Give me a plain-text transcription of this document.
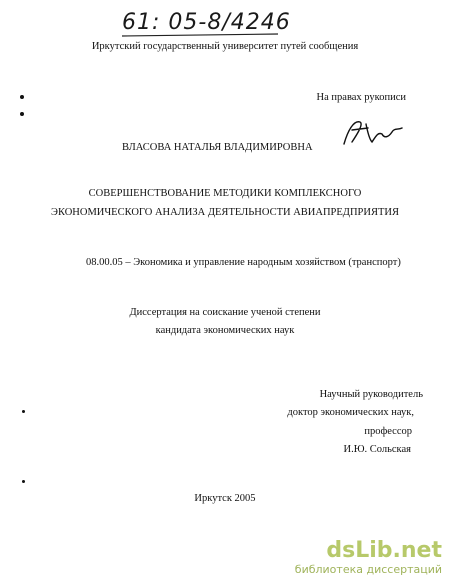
61: 05-8/4246
Иркутский государственный университет путей сообщения
На правах рукописи
ВЛАСОВА НАТАЛЬЯ ВЛАДИМИРОВНА
СОВЕРШЕНСТВОВАНИЕ МЕТОДИКИ КОМПЛЕКСНОГО
ЭКОНОМИЧЕСКОГО АНАЛИЗА ДЕЯТЕЛЬНОСТИ АВИАПРЕДПРИЯТИЯ
08.00.05 – Экономика и управление народным хозяйством (транспорт)
Диссертация на соискание ученой степени
кандидата экономических наук
Научный руководитель
доктор экономических наук,
профессор
И.Ю. Сольская
Иркутск 2005
dsLib.net
библиотека диссертаций
